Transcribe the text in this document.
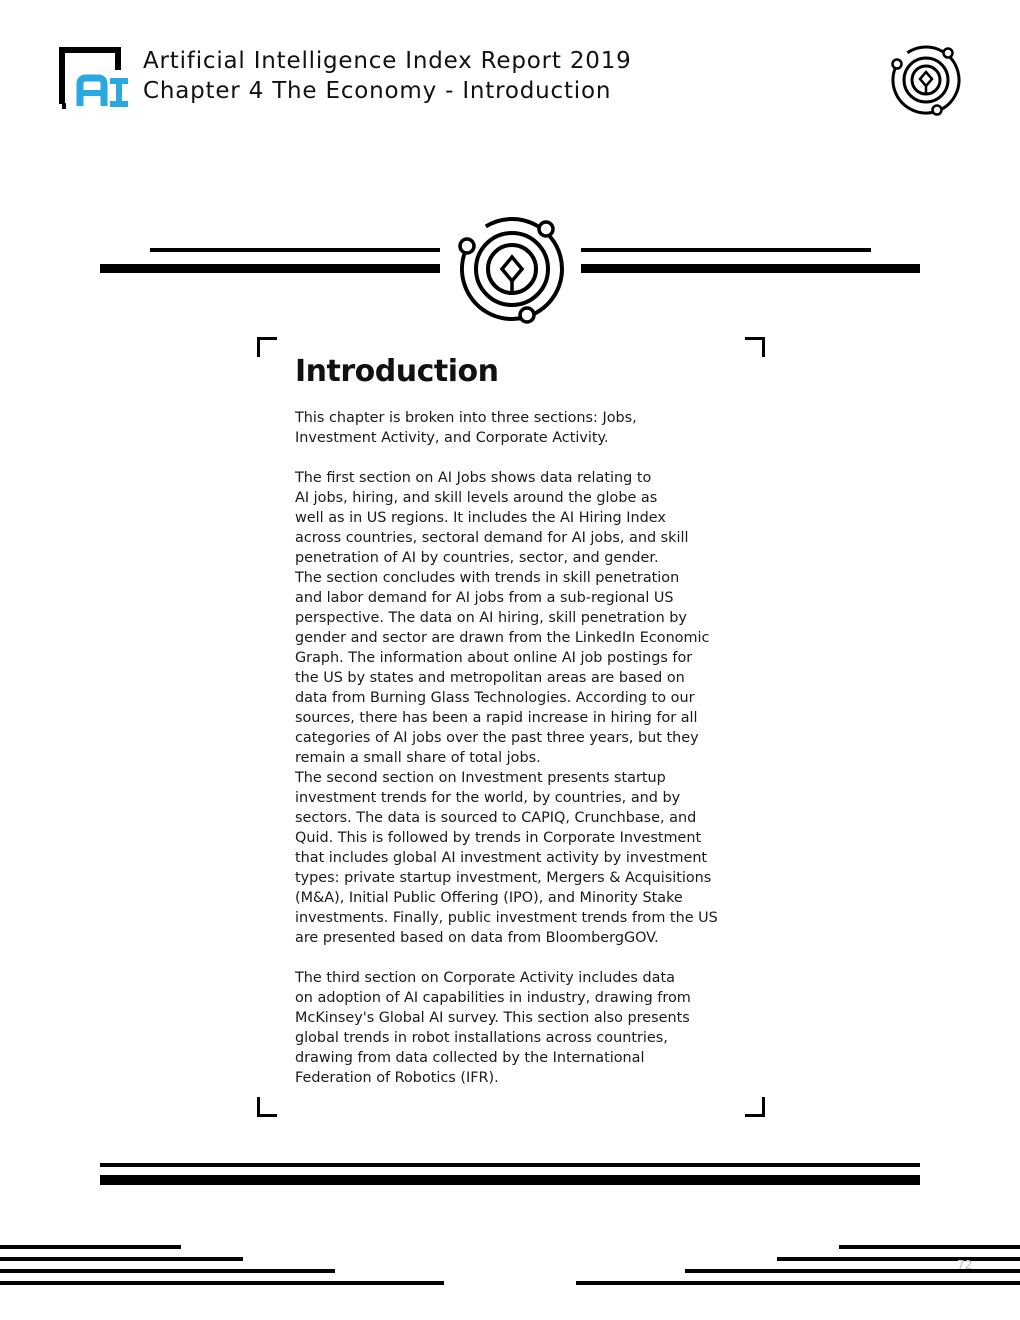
Artificial Intelligence Index Report 2019
Chapter 4 The Economy - Introduction
Introduction
This chapter is broken into three sections: Jobs,
Investment Activity, and Corporate Activity.
The first section on AI Jobs shows data relating to
AI jobs, hiring, and skill levels around the globe as
well as in US regions. It includes the AI Hiring Index
across countries, sectoral demand for AI jobs, and skill
penetration of AI by countries, sector, and gender.
The section concludes with trends in skill penetration
and labor demand for AI jobs from a sub-regional US
perspective. The data on AI hiring, skill penetration by
gender and sector are drawn from the LinkedIn Economic
Graph. The information about online AI job postings for
the US by states and metropolitan areas are based on
data from Burning Glass Technologies. According to our
sources, there has been a rapid increase in hiring for all
categories of AI jobs over the past three years, but they
remain a small share of total jobs.
The second section on Investment presents startup
investment trends for the world, by countries, and by
sectors. The data is sourced to CAPIQ, Crunchbase, and
Quid. This is followed by trends in Corporate Investment
that includes global AI investment activity by investment
types: private startup investment, Mergers & Acquisitions
(M&A), Initial Public Offering (IPO), and Minority Stake
investments. Finally, public investment trends from the US
are presented based on data from BloombergGOV.
The third section on Corporate Activity includes data
on adoption of AI capabilities in industry, drawing from
McKinsey's Global AI survey. This section also presents
global trends in robot installations across countries,
drawing from data collected by the International
Federation of Robotics (IFR).
72
